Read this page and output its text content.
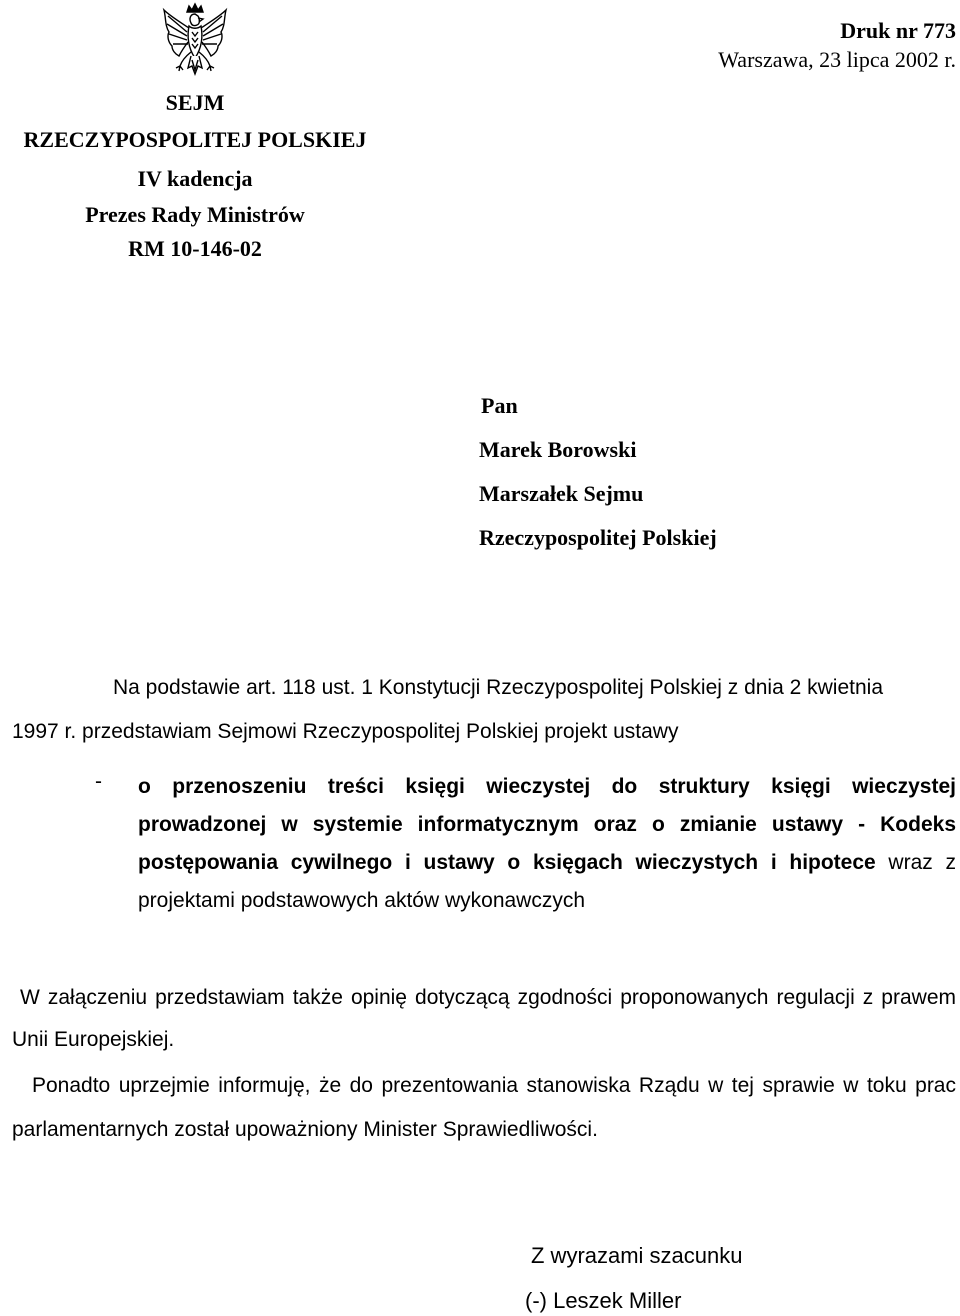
Druk nr 773
Warszawa, 23 lipca 2002 r.
SEJM
RZECZYPOSPOLITEJ POLSKIEJ
IV kadencja
Prezes Rady Ministrów
RM 10-146-02
Pan
Marek Borowski
Marszałek Sejmu
Rzeczypospolitej Polskiej
Na podstawie art. 118 ust. 1 Konstytucji Rzeczypospolitej Polskiej z dnia 2 kwietnia
1997 r. przedstawiam Sejmowi Rzeczypospolitej Polskiej projekt ustawy
- o przenoszeniu treści księgi wieczystej do struktury księgi wieczystej prowadzonej w systemie informatycznym oraz o zmianie ustawy - Kodeks postępowania cywilnego i ustawy o księgach wieczystych i hipotece wraz z projektami podstawowych aktów wykonawczych
W załączeniu przedstawiam także opinię dotyczącą zgodności proponowanych regulacji z prawem Unii Europejskiej.
Ponadto uprzejmie informuję, że do prezentowania stanowiska Rządu w tej sprawie w toku prac parlamentarnych został upoważniony Minister Sprawiedliwości.
Z wyrazami szacunku
(-) Leszek Miller
